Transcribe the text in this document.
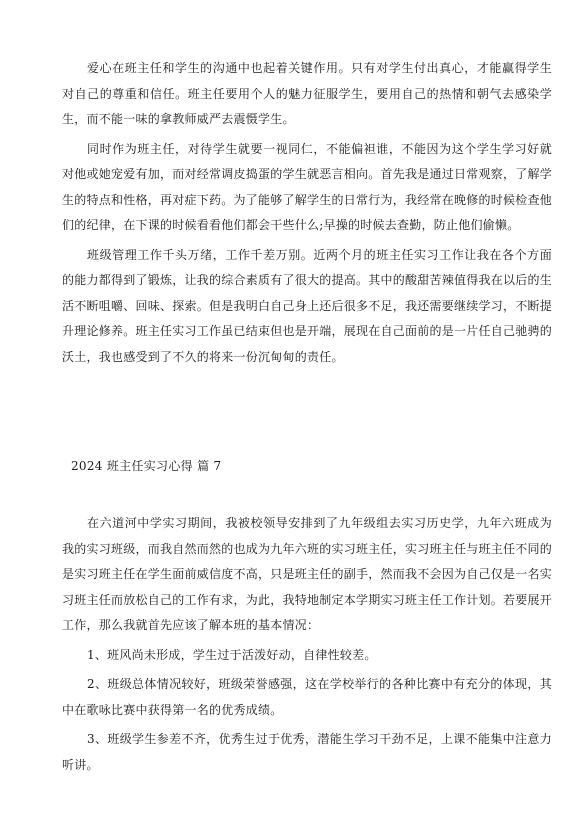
爱心在班主任和学生的沟通中也起着关键作用。只有对学生付出真心，才能赢得学生对自己的尊重和信任。班主任要用个人的魅力征服学生，要用自己的热情和朝气去感染学生，而不能一味的拿教师威严去震慑学生。

同时作为班主任，对待学生就要一视同仁，不能偏袒谁，不能因为这个学生学习好就对他或她宠爱有加，而对经常调皮捣蛋的学生就恶言相向。首先我是通过日常观察，了解学生的特点和性格，再对症下药。为了能够了解学生的日常行为，我经常在晚修的时候检查他们的纪律，在下课的时候看看他们都会干些什么;早操的时候去查勤，防止他们偷懒。

班级管理工作千头万绪，工作千差万别。近两个月的班主任实习工作让我在各个方面的能力都得到了锻炼，让我的综合素质有了很大的提高。其中的酸甜苦辣值得我在以后的生活不断咀嚼、回味、探索。但是我明白自己身上还后很多不足，我还需要继续学习，不断提升理论修养。班主任实习工作虽已结束但也是开端，展现在自己面前的是一片任自己驰骋的沃土，我也感受到了不久的将来一份沉甸甸的责任。

2024 班主任实习心得 篇 7

在六道河中学实习期间，我被校领导安排到了九年级组去实习历史学，九年六班成为我的实习班级，而我自然而然的也成为九年六班的实习班主任，实习班主任与班主任不同的是实习班主任在学生面前威信度不高，只是班主任的副手，然而我不会因为自己仅是一名实习班主任而放松自己的工作有求，为此，我特地制定本学期实习班主任工作计划。若要展开工作，那么我就首先应该了解本班的基本情况：

1、班风尚未形成，学生过于活泼好动，自律性较差。

2、班级总体情况较好，班级荣誉感强，这在学校举行的各种比赛中有充分的体现，其中在歌咏比赛中获得第一名的优秀成绩。

3、班级学生参差不齐，优秀生过于优秀，潜能生学习干劲不足，上课不能集中注意力听讲。
